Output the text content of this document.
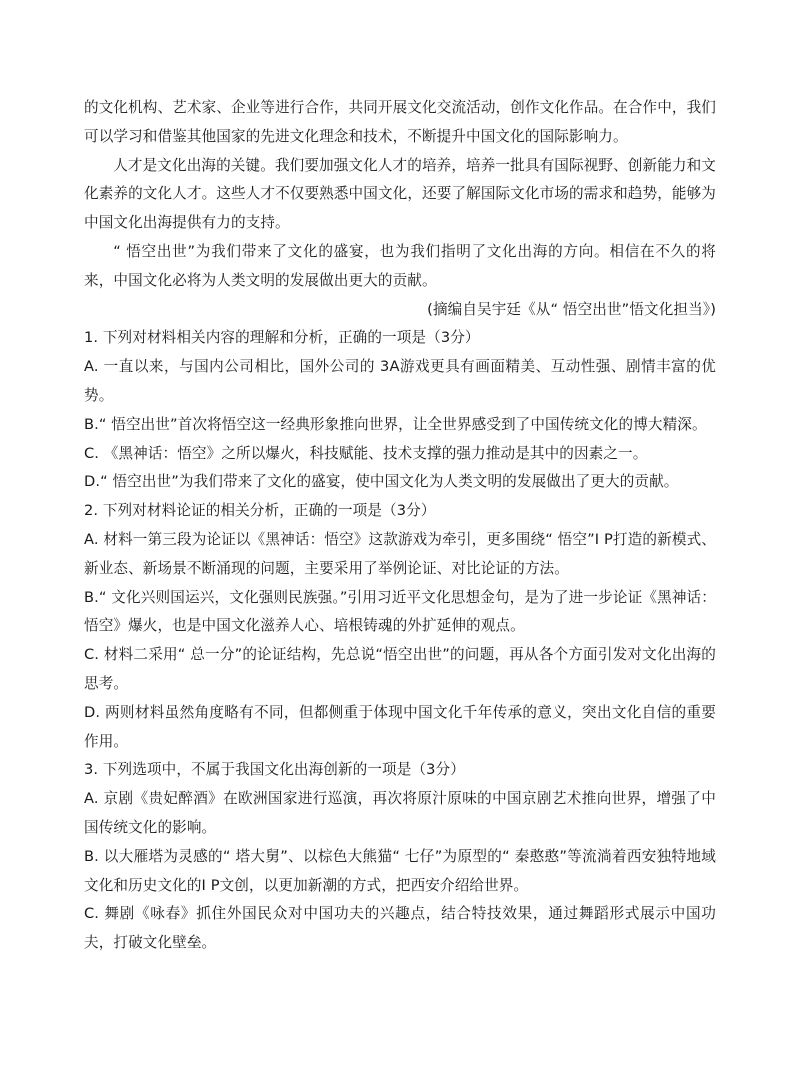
的文化机构、艺术家、企业等进行合作，共同开展文化交流活动，创作文化作品。在合作中，我们可以学习和借鉴其他国家的先进文化理念和技术，不断提升中国文化的国际影响力。

人才是文化出海的关键。我们要加强文化人才的培养，培养一批具有国际视野、创新能力和文化素养的文化人才。这些人才不仅要熟悉中国文化，还要了解国际文化市场的需求和趋势，能够为中国文化出海提供有力的支持。

“ 悟空出世”为我们带来了文化的盛宴，也为我们指明了文化出海的方向。相信在不久的将来，中国文化必将为人类文明的发展做出更大的贡献。

(摘编自吴宇廷《从“ 悟空出世”悟文化担当》)

1. 下列对材料相关内容的理解和分析，正确的一项是（3分）

A. 一直以来，与国内公司相比，国外公司的 3A游戏更具有画面精美、互动性强、剧情丰富的优势。

B.“ 悟空出世”首次将悟空这一经典形象推向世界，让全世界感受到了中国传统文化的博大精深。

C. 《黑神话：悟空》之所以爆火，科技赋能、技术支撑的强力推动是其中的因素之一。

D.“ 悟空出世”为我们带来了文化的盛宴，使中国文化为人类文明的发展做出了更大的贡献。

2. 下列对材料论证的相关分析，正确的一项是（3分）

A. 材料一第三段为论证以《黑神话：悟空》这款游戏为牵引，更多围绕“ 悟空”I P打造的新模式、新业态、新场景不断涌现的问题，主要采用了举例论证、对比论证的方法。

B.“ 文化兴则国运兴，文化强则民族强。”引用习近平文化思想金句，是为了进一步论证《黑神话：悟空》爆火，也是中国文化滋养人心、培根铸魂的外扩延伸的观点。

C. 材料二采用“ 总一分”的论证结构，先总说“悟空出世”的问题，再从各个方面引发对文化出海的思考。

D. 两则材料虽然角度略有不同，但都侧重于体现中国文化千年传承的意义，突出文化自信的重要作用。

3. 下列选项中，不属于我国文化出海创新的一项是（3分）

A. 京剧《贵妃醉酒》在欧洲国家进行巡演，再次将原汁原味的中国京剧艺术推向世界，增强了中国传统文化的影响。

B. 以大雁塔为灵感的“ 塔大舅”、以棕色大熊猫“ 七仔”为原型的“ 秦憨憨”等流淌着西安独特地域文化和历史文化的I P文创，以更加新潮的方式，把西安介绍给世界。

C. 舞剧《咏春》抓住外国民众对中国功夫的兴趣点，结合特技效果，通过舞蹈形式展示中国功夫，打破文化壁垒。
